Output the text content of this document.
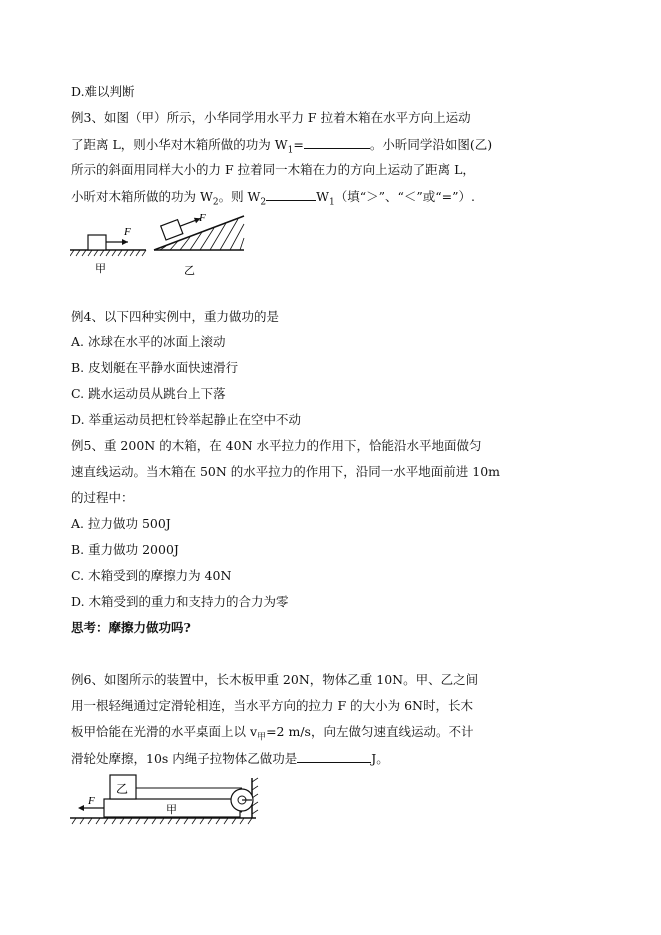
D.难以判断
例3、如图（甲）所示，小华同学用水平力 F 拉着木箱在水平方向上运动
了距离 L，则小华对木箱所做的功为 $W_1=$	。小昕同学沿如图(乙)
所示的斜面用同样大小的力 F 拉着同一木箱在力的方向上运动了距离 L，
小昕对木箱所做的功为 $W_2$。则 $W_2$	$W_1$（填“＞”、“＜”或“=”）.
F
甲
F
乙
例4、以下四种实例中，重力做功的是
A. 冰球在水平的冰面上滚动
B. 皮划艇在平静水面快速滑行
C. 跳水运动员从跳台上下落
D. 举重运动员把杠铃举起静止在空中不动
例5、重 200N 的木箱，在 40N 水平拉力的作用下，恰能沿水平地面做匀
速直线运动。当木箱在 50N 的水平拉力的作用下，沿同一水平地面前进 10m
的过程中：
A. 拉力做功 500J
B. 重力做功 2000J
C. 木箱受到的摩擦力为 40N
D. 木箱受到的重力和支持力的合力为零
思考：摩擦力做功吗?
例6、如图所示的装置中，长木板甲重 20N，物体乙重 10N。甲、乙之间
用一根轻绳通过定滑轮相连，当水平方向的拉力 F 的大小为 6N时，长木
板甲恰能在光滑的水平桌面上以 $v_甲=2$ m/s，向左做匀速直线运动。不计
滑轮处摩擦，10s 内绳子拉物体乙做功是	J。
F
乙
甲
